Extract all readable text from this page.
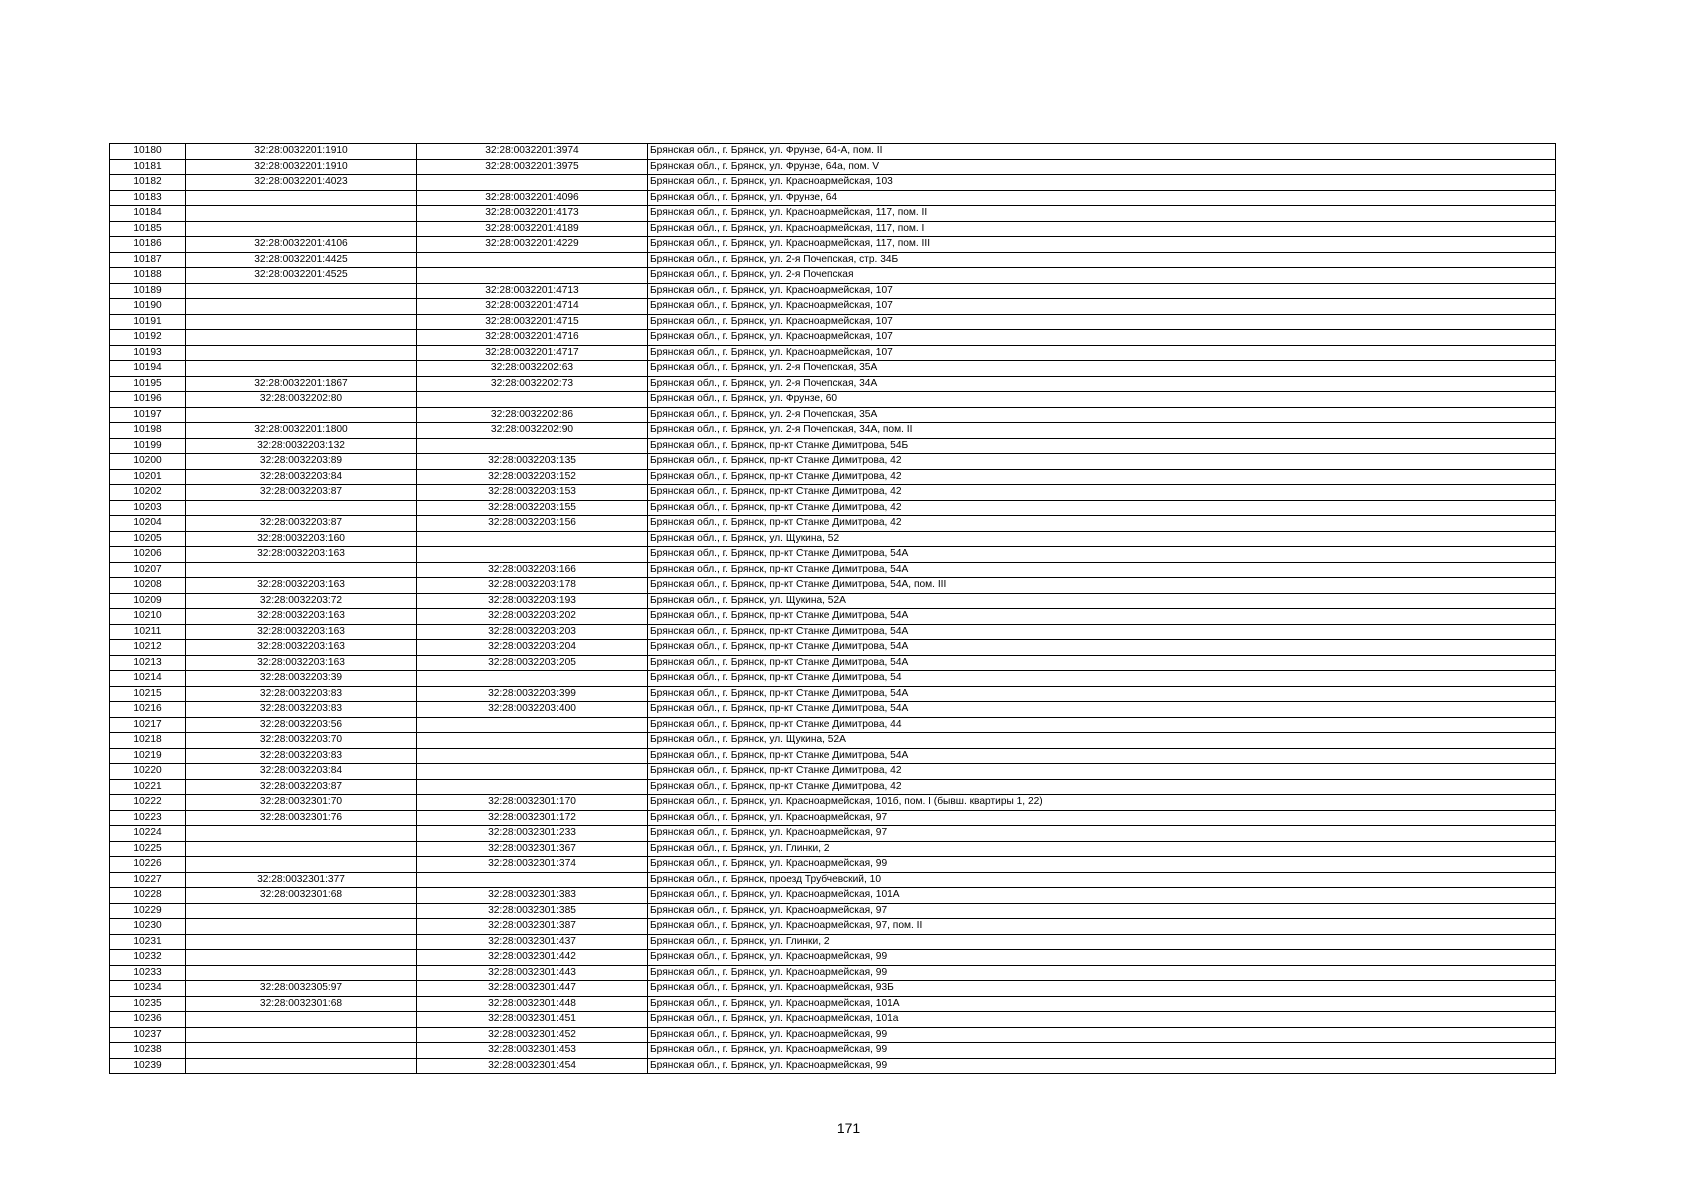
10180	32:28:0032201:1910	32:28:0032201:3974	Брянская обл., г. Брянск, ул. Фрунзе, 64-А, пом. II
10181	32:28:0032201:1910	32:28:0032201:3975	Брянская обл., г. Брянск, ул. Фрунзе, 64а, пом. V
10182	32:28:0032201:4023		Брянская обл., г. Брянск, ул. Красноармейская, 103
10183		32:28:0032201:4096	Брянская обл., г. Брянск, ул. Фрунзе, 64
10184		32:28:0032201:4173	Брянская обл., г. Брянск, ул. Красноармейская, 117, пом. II
10185		32:28:0032201:4189	Брянская обл., г. Брянск, ул. Красноармейская, 117, пом. I
10186	32:28:0032201:4106	32:28:0032201:4229	Брянская обл., г. Брянск, ул. Красноармейская, 117, пом. III
10187	32:28:0032201:4425		Брянская обл., г. Брянск, ул. 2-я Почепская, стр. 34Б
10188	32:28:0032201:4525		Брянская обл., г. Брянск, ул. 2-я Почепская
10189		32:28:0032201:4713	Брянская обл., г. Брянск, ул. Красноармейская, 107
10190		32:28:0032201:4714	Брянская обл., г. Брянск, ул. Красноармейская, 107
10191		32:28:0032201:4715	Брянская обл., г. Брянск, ул. Красноармейская, 107
10192		32:28:0032201:4716	Брянская обл., г. Брянск, ул. Красноармейская, 107
10193		32:28:0032201:4717	Брянская обл., г. Брянск, ул. Красноармейская, 107
10194		32:28:0032202:63	Брянская обл., г. Брянск, ул. 2-я Почепская, 35А
10195	32:28:0032201:1867	32:28:0032202:73	Брянская обл., г. Брянск, ул. 2-я Почепская, 34А
10196	32:28:0032202:80		Брянская обл., г. Брянск, ул. Фрунзе, 60
10197		32:28:0032202:86	Брянская обл., г. Брянск, ул. 2-я Почепская, 35А
10198	32:28:0032201:1800	32:28:0032202:90	Брянская обл., г. Брянск, ул. 2-я Почепская, 34А, пом. II
10199	32:28:0032203:132		Брянская обл., г. Брянск, пр-кт Станке Димитрова, 54Б
10200	32:28:0032203:89	32:28:0032203:135	Брянская обл., г. Брянск, пр-кт Станке Димитрова, 42
10201	32:28:0032203:84	32:28:0032203:152	Брянская обл., г. Брянск, пр-кт Станке Димитрова, 42
10202	32:28:0032203:87	32:28:0032203:153	Брянская обл., г. Брянск, пр-кт Станке Димитрова, 42
10203		32:28:0032203:155	Брянская обл., г. Брянск, пр-кт Станке Димитрова, 42
10204	32:28:0032203:87	32:28:0032203:156	Брянская обл., г. Брянск, пр-кт Станке Димитрова, 42
10205	32:28:0032203:160		Брянская обл., г. Брянск, ул. Щукина, 52
10206	32:28:0032203:163		Брянская обл., г. Брянск, пр-кт Станке Димитрова, 54А
10207		32:28:0032203:166	Брянская обл., г. Брянск, пр-кт Станке Димитрова, 54А
10208	32:28:0032203:163	32:28:0032203:178	Брянская обл., г. Брянск, пр-кт Станке Димитрова, 54А, пом. III
10209	32:28:0032203:72	32:28:0032203:193	Брянская обл., г. Брянск, ул. Щукина, 52А
10210	32:28:0032203:163	32:28:0032203:202	Брянская обл., г. Брянск, пр-кт Станке Димитрова, 54А
10211	32:28:0032203:163	32:28:0032203:203	Брянская обл., г. Брянск, пр-кт Станке Димитрова, 54А
10212	32:28:0032203:163	32:28:0032203:204	Брянская обл., г. Брянск, пр-кт Станке Димитрова, 54А
10213	32:28:0032203:163	32:28:0032203:205	Брянская обл., г. Брянск, пр-кт Станке Димитрова, 54А
10214	32:28:0032203:39		Брянская обл., г. Брянск, пр-кт Станке Димитрова, 54
10215	32:28:0032203:83	32:28:0032203:399	Брянская обл., г. Брянск, пр-кт Станке Димитрова, 54А
10216	32:28:0032203:83	32:28:0032203:400	Брянская обл., г. Брянск, пр-кт Станке Димитрова, 54А
10217	32:28:0032203:56		Брянская обл., г. Брянск, пр-кт Станке Димитрова, 44
10218	32:28:0032203:70		Брянская обл., г. Брянск, ул. Щукина, 52А
10219	32:28:0032203:83		Брянская обл., г. Брянск, пр-кт Станке Димитрова, 54А
10220	32:28:0032203:84		Брянская обл., г. Брянск, пр-кт Станке Димитрова, 42
10221	32:28:0032203:87		Брянская обл., г. Брянск, пр-кт Станке Димитрова, 42
10222	32:28:0032301:70	32:28:0032301:170	Брянская обл., г. Брянск, ул. Красноармейская, 101б, пом. I (бывш. квартиры 1, 22)
10223	32:28:0032301:76	32:28:0032301:172	Брянская обл., г. Брянск, ул. Красноармейская, 97
10224		32:28:0032301:233	Брянская обл., г. Брянск, ул. Красноармейская, 97
10225		32:28:0032301:367	Брянская обл., г. Брянск, ул. Глинки, 2
10226		32:28:0032301:374	Брянская обл., г. Брянск, ул. Красноармейская, 99
10227	32:28:0032301:377		Брянская обл., г. Брянск, проезд Трубчевский, 10
10228	32:28:0032301:68	32:28:0032301:383	Брянская обл., г. Брянск, ул. Красноармейская, 101А
10229		32:28:0032301:385	Брянская обл., г. Брянск, ул. Красноармейская, 97
10230		32:28:0032301:387	Брянская обл., г. Брянск, ул. Красноармейская, 97, пом. II
10231		32:28:0032301:437	Брянская обл., г. Брянск, ул. Глинки, 2
10232		32:28:0032301:442	Брянская обл., г. Брянск, ул. Красноармейская, 99
10233		32:28:0032301:443	Брянская обл., г. Брянск, ул. Красноармейская, 99
10234	32:28:0032305:97	32:28:0032301:447	Брянская обл., г. Брянск, ул. Красноармейская, 93Б
10235	32:28:0032301:68	32:28:0032301:448	Брянская обл., г. Брянск, ул. Красноармейская, 101А
10236		32:28:0032301:451	Брянская обл., г. Брянск, ул. Красноармейская, 101а
10237		32:28:0032301:452	Брянская обл., г. Брянск, ул. Красноармейская, 99
10238		32:28:0032301:453	Брянская обл., г. Брянск, ул. Красноармейская, 99
10239		32:28:0032301:454	Брянская обл., г. Брянск, ул. Красноармейская, 99
171
